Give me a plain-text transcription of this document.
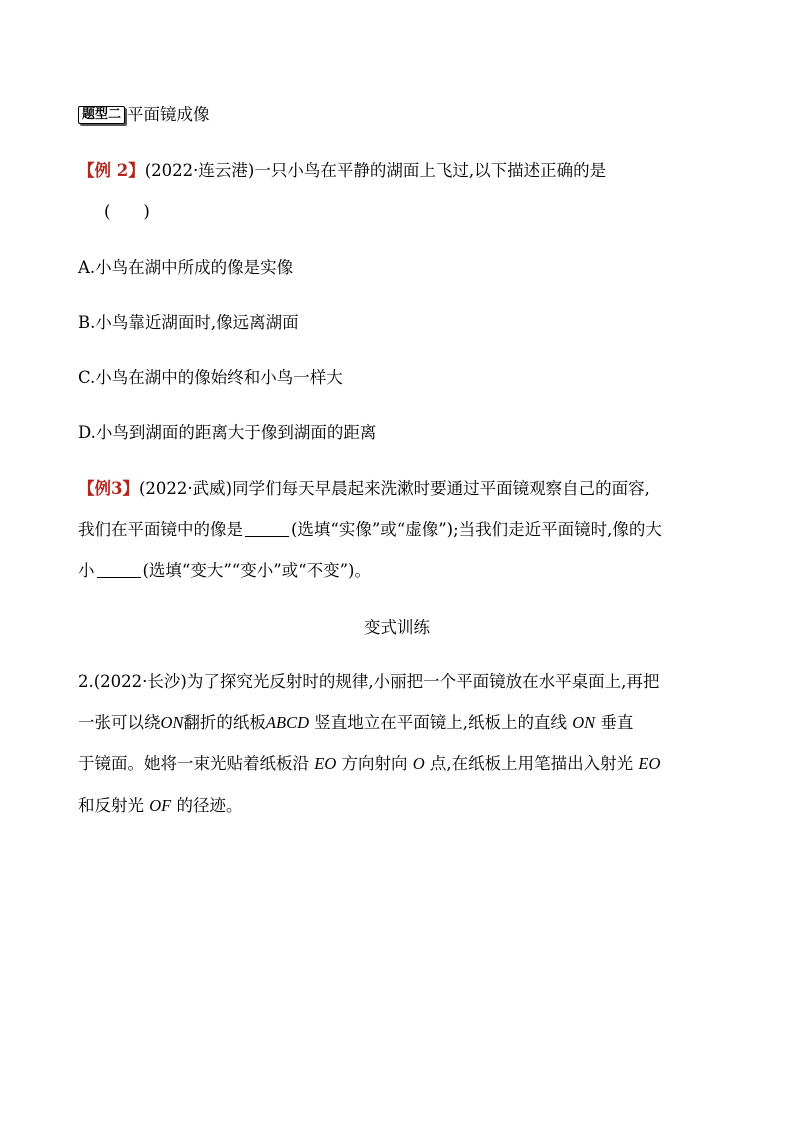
题型二 平面镜成像
【例 2】(2022·连云港)一只小鸟在平静的湖面上飞过,以下描述正确的是
(　　)
A.小鸟在湖中所成的像是实像
B.小鸟靠近湖面时,像远离湖面
C.小鸟在湖中的像始终和小鸟一样大
D.小鸟到湖面的距离大于像到湖面的距离
【例3】(2022·武威)同学们每天早晨起来洗漱时要通过平面镜观察自己的面容,
我们在平面镜中的像是	(选填“实像”或“虚像”);当我们走近平面镜时,像的大
小	(选填“变大”“变小”或“不变”)。
变式训练
2.(2022·长沙)为了探究光反射时的规律,小丽把一个平面镜放在水平桌面上,再把
一张可以绕ON翻折的纸板ABCD 竖直地立在平面镜上,纸板上的直线 ON 垂直
于镜面。她将一束光贴着纸板沿 EO 方向射向 O 点,在纸板上用笔描出入射光 EO
和反射光 OF 的径迹。
